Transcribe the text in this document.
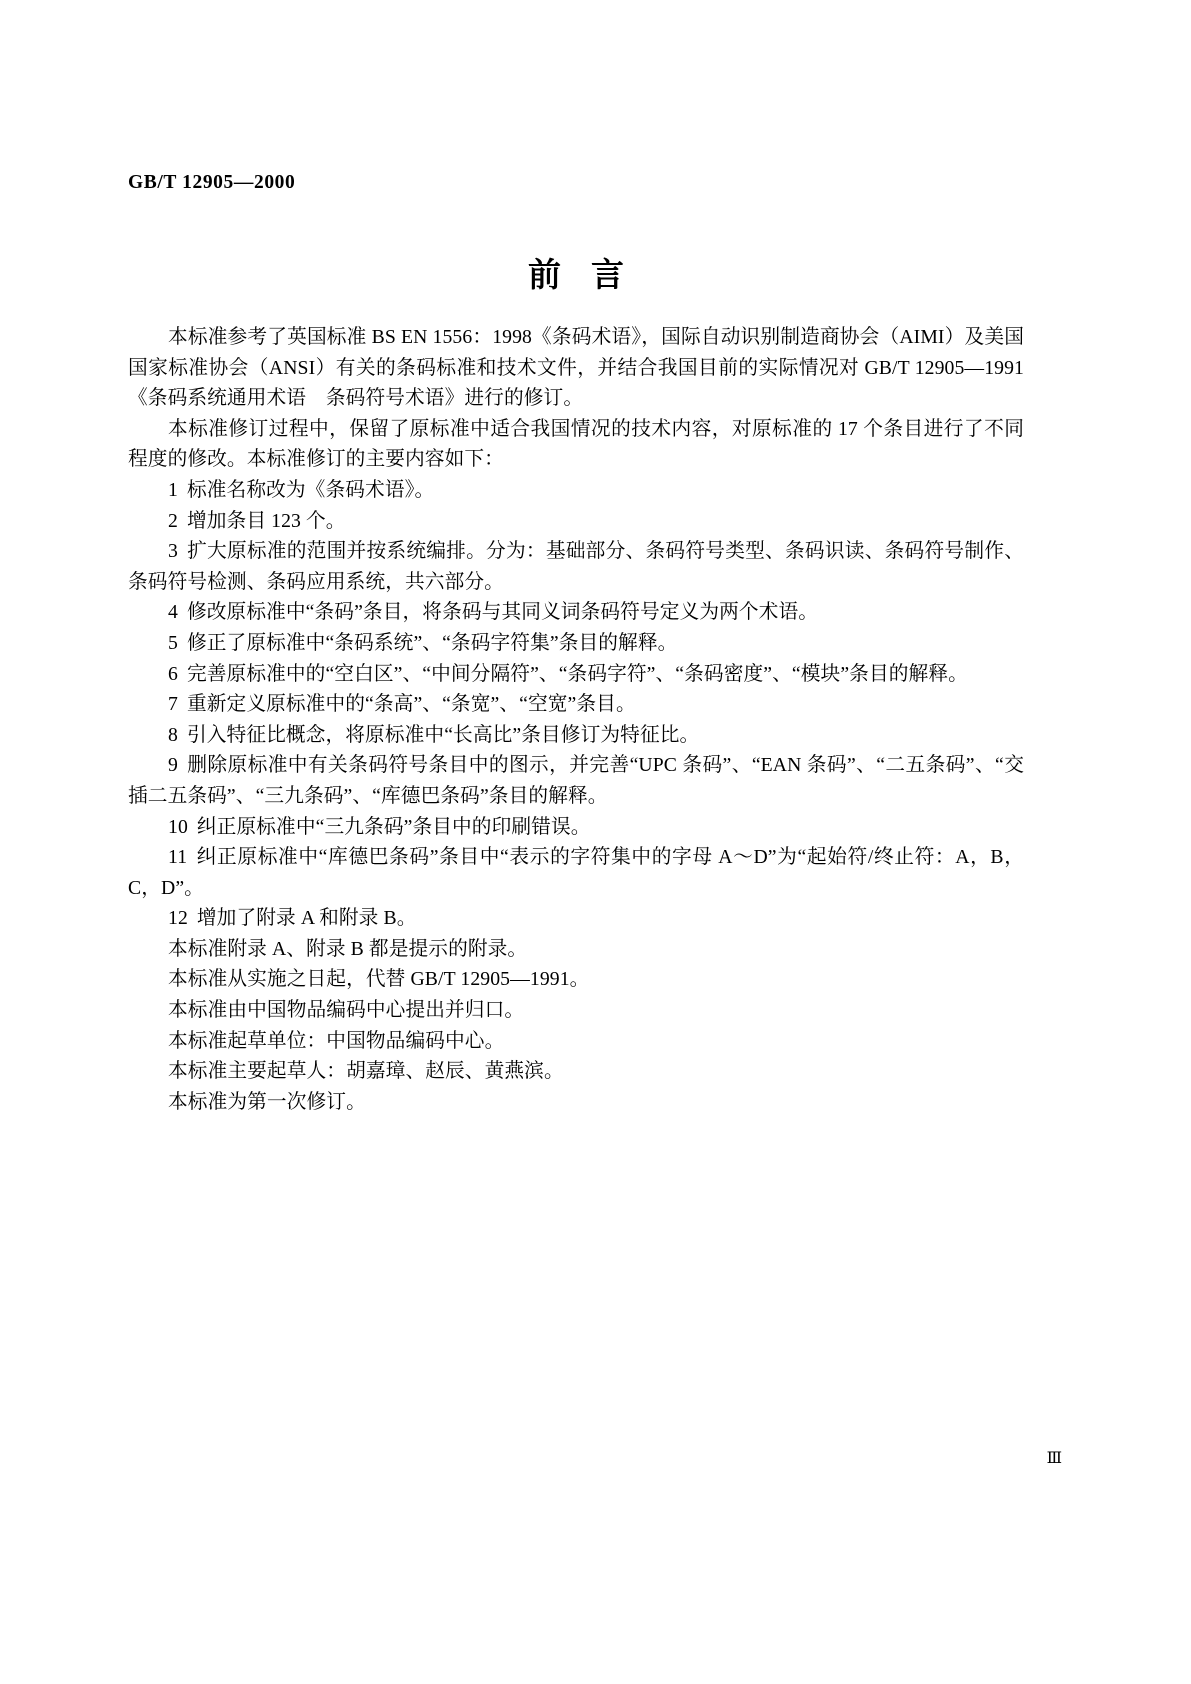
GB/T 12905—2000
前言

本标准参考了英国标准 BS EN 1556：1998《条码术语》，国际自动识别制造商协会（AIMI）及美国国家标准协会（ANSI）有关的条码标准和技术文件，并结合我国目前的实际情况对 GB/T 12905—1991《条码系统通用术语　条码符号术语》进行的修订。

本标准修订过程中，保留了原标准中适合我国情况的技术内容，对原标准的 17 个条目进行了不同程度的修改。本标准修订的主要内容如下：

1 标准名称改为《条码术语》。

2 增加条目 123 个。

3 扩大原标准的范围并按系统编排。分为：基础部分、条码符号类型、条码识读、条码符号制作、条码符号检测、条码应用系统，共六部分。

4 修改原标准中“条码”条目，将条码与其同义词条码符号定义为两个术语。

5 修正了原标准中“条码系统”、“条码字符集”条目的解释。

6 完善原标准中的“空白区”、“中间分隔符”、“条码字符”、“条码密度”、“模块”条目的解释。

7 重新定义原标准中的“条高”、“条宽”、“空宽”条目。

8 引入特征比概念，将原标准中“长高比”条目修订为特征比。

9 删除原标准中有关条码符号条目中的图示，并完善“UPC 条码”、“EAN 条码”、“二五条码”、“交插二五条码”、“三九条码”、“库德巴条码”条目的解释。

10 纠正原标准中“三九条码”条目中的印刷错误。

11 纠正原标准中“库德巴条码”条目中“表示的字符集中的字母 A～D”为“起始符/终止符：A，B，C，D”。

12 增加了附录 A 和附录 B。

本标准附录 A、附录 B 都是提示的附录。

本标准从实施之日起，代替 GB/T 12905—1991。

本标准由中国物品编码中心提出并归口。

本标准起草单位：中国物品编码中心。

本标准主要起草人：胡嘉璋、赵辰、黄燕滨。

本标准为第一次修订。

Ⅲ
